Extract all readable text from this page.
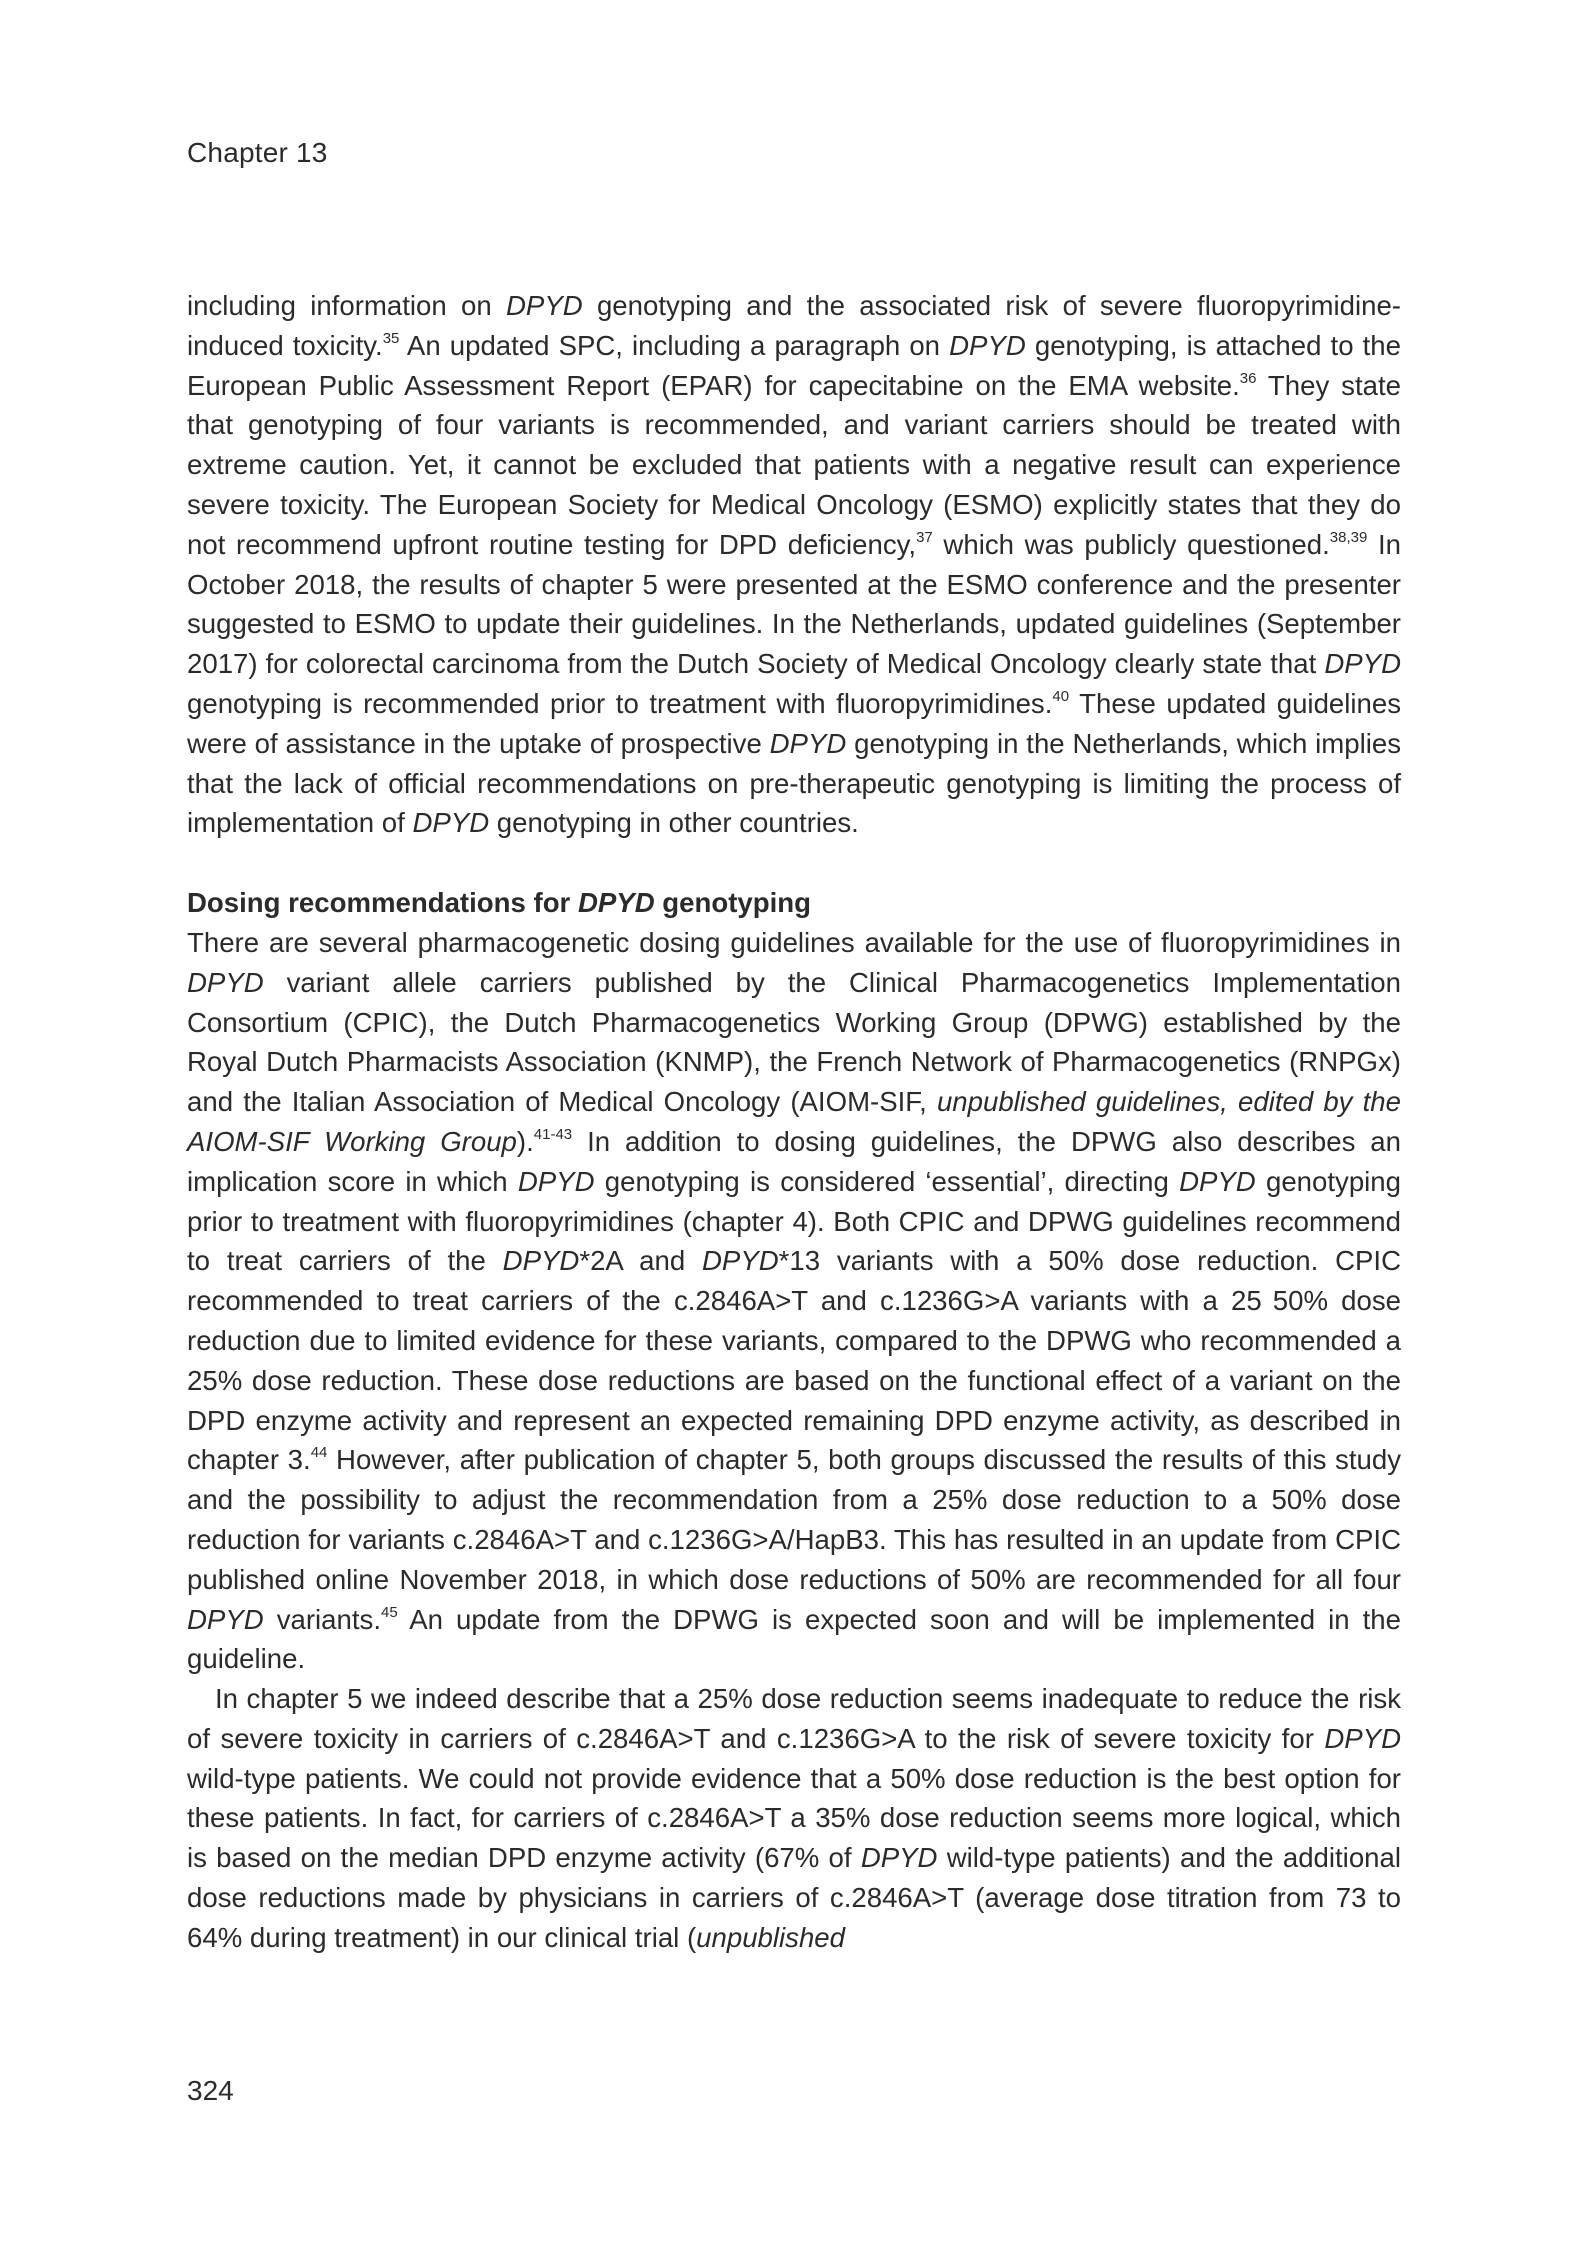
Chapter 13

including information on DPYD genotyping and the associated risk of severe fluoropyrimidine-induced toxicity.$^{35}$ An updated SPC, including a paragraph on DPYD genotyping, is attached to the European Public Assessment Report (EPAR) for capecitabine on the EMA website.$^{36}$ They state that genotyping of four variants is recommended, and variant carriers should be treated with extreme caution. Yet, it cannot be excluded that patients with a negative result can experience severe toxicity. The European Society for Medical Oncology (ESMO) explicitly states that they do not recommend upfront routine testing for DPD deficiency,$^{37}$ which was publicly questioned.$^{38,39}$ In October 2018, the results of chapter 5 were presented at the ESMO conference and the presenter suggested to ESMO to update their guidelines. In the Netherlands, updated guidelines (September 2017) for colorectal carcinoma from the Dutch Society of Medical Oncology clearly state that DPYD genotyping is recommended prior to treatment with fluoropyrimidines.$^{40}$ These updated guidelines were of assistance in the uptake of prospective DPYD genotyping in the Netherlands, which implies that the lack of official recommendations on pre-therapeutic genotyping is limiting the process of implementation of DPYD genotyping in other countries.

Dosing recommendations for DPYD genotyping

There are several pharmacogenetic dosing guidelines available for the use of fluoropyrimidines in DPYD variant allele carriers published by the Clinical Pharmacogenetics Implementation Consortium (CPIC), the Dutch Pharmacogenetics Working Group (DPWG) established by the Royal Dutch Pharmacists Association (KNMP), the French Network of Pharmacogenetics (RNPGx) and the Italian Association of Medical Oncology (AIOM-SIF, unpublished guidelines, edited by the AIOM-SIF Working Group).$^{41-43}$ In addition to dosing guidelines, the DPWG also describes an implication score in which DPYD genotyping is considered ‘essential’, directing DPYD genotyping prior to treatment with fluoropyrimidines (chapter 4). Both CPIC and DPWG guidelines recommend to treat carriers of the DPYD*2A and DPYD*13 variants with a 50% dose reduction. CPIC recommended to treat carriers of the c.2846A>T and c.1236G>A variants with a 25  50% dose reduction due to limited evidence for these variants, compared to the DPWG who recommended a 25% dose reduction. These dose reductions are based on the functional effect of a variant on the DPD enzyme activity and represent an expected remaining DPD enzyme activity, as described in chapter 3.44 However, after publication of chapter 5, both groups discussed the results of this study and the possibility to adjust the recommendation from a 25% dose reduction to a 50% dose reduction for variants c.2846A>T and c.1236G>A/HapB3. This has resulted in an update from CPIC published online November 2018, in which dose reductions of 50% are recommended for all four DPYD variants.$^{45}$ An update from the DPWG is expected soon and will be implemented in the guideline.

In chapter 5 we indeed describe that a 25% dose reduction seems inadequate to reduce the risk of severe toxicity in carriers of c.2846A>T and c.1236G>A to the risk of severe toxicity for DPYD wild-type patients. We could not provide evidence that a 50% dose reduction is the best option for these patients. In fact, for carriers of c.2846A>T a 35% dose reduction seems more logical, which is based on the median DPD enzyme activity (67% of DPYD wild-type patients) and the additional dose reductions made by physicians in carriers of c.2846A>T (average dose titration from 73 to 64% during treatment) in our clinical trial (unpublished

324
